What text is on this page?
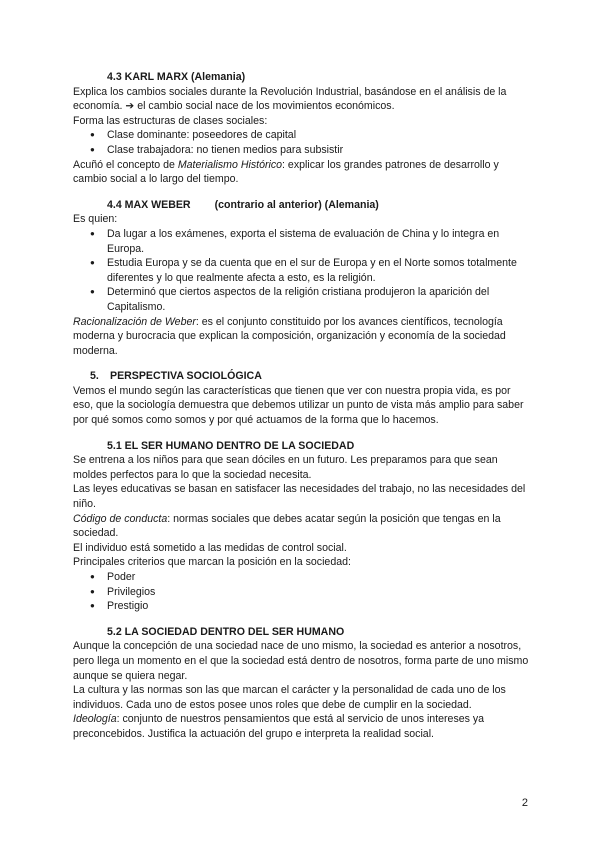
4.3 KARL MARX (Alemania)

Explica los cambios sociales durante la Revolución Industrial, basándose en el análisis de la economía. ➔ el cambio social nace de los movimientos económicos.

Forma las estructuras de clases sociales:

● Clase dominante: poseedores de capital
● Clase trabajadora: no tienen medios para subsistir

Acuñó el concepto de Materialismo Histórico: explicar los grandes patrones de desarrollo y cambio social a lo largo del tiempo.

4.4 MAX WEBER (contrario al anterior) (Alemania)

Es quien:

● Da lugar a los exámenes, exporta el sistema de evaluación de China y lo integra en Europa.
● Estudia Europa y se da cuenta que en el sur de Europa y en el Norte somos totalmente diferentes y lo que realmente afecta a esto, es la religión.
● Determinó que ciertos aspectos de la religión cristiana produjeron la aparición del Capitalismo.

Racionalización de Weber: es el conjunto constituido por los avances científicos, tecnología moderna y burocracia que explican la composición, organización y economía de la sociedad moderna.

5. PERSPECTIVA SOCIOLÓGICA

Vemos el mundo según las características que tienen que ver con nuestra propia vida, es por eso, que la sociología demuestra que debemos utilizar un punto de vista más amplio para saber por qué somos como somos y por qué actuamos de la forma que lo hacemos.

5.1 EL SER HUMANO DENTRO DE LA SOCIEDAD

Se entrena a los niños para que sean dóciles en un futuro. Les preparamos para que sean moldes perfectos para lo que la sociedad necesita.

Las leyes educativas se basan en satisfacer las necesidades del trabajo, no las necesidades del niño.

Código de conducta: normas sociales que debes acatar según la posición que tengas en la sociedad.

El individuo está sometido a las medidas de control social.

Principales criterios que marcan la posición en la sociedad:

● Poder
● Privilegios
● Prestigio
5.2 LA SOCIEDAD DENTRO DEL SER HUMANO

Aunque la concepción de una sociedad nace de uno mismo, la sociedad es anterior a nosotros, pero llega un momento en el que la sociedad está dentro de nosotros, forma parte de uno mismo aunque se quiera negar.

La cultura y las normas son las que marcan el carácter y la personalidad de cada uno de los individuos. Cada uno de estos posee unos roles que debe de cumplir en la sociedad.

Ideología: conjunto de nuestros pensamientos que está al servicio de unos intereses ya preconcebidos. Justifica la actuación del grupo e interpreta la realidad social.

2
